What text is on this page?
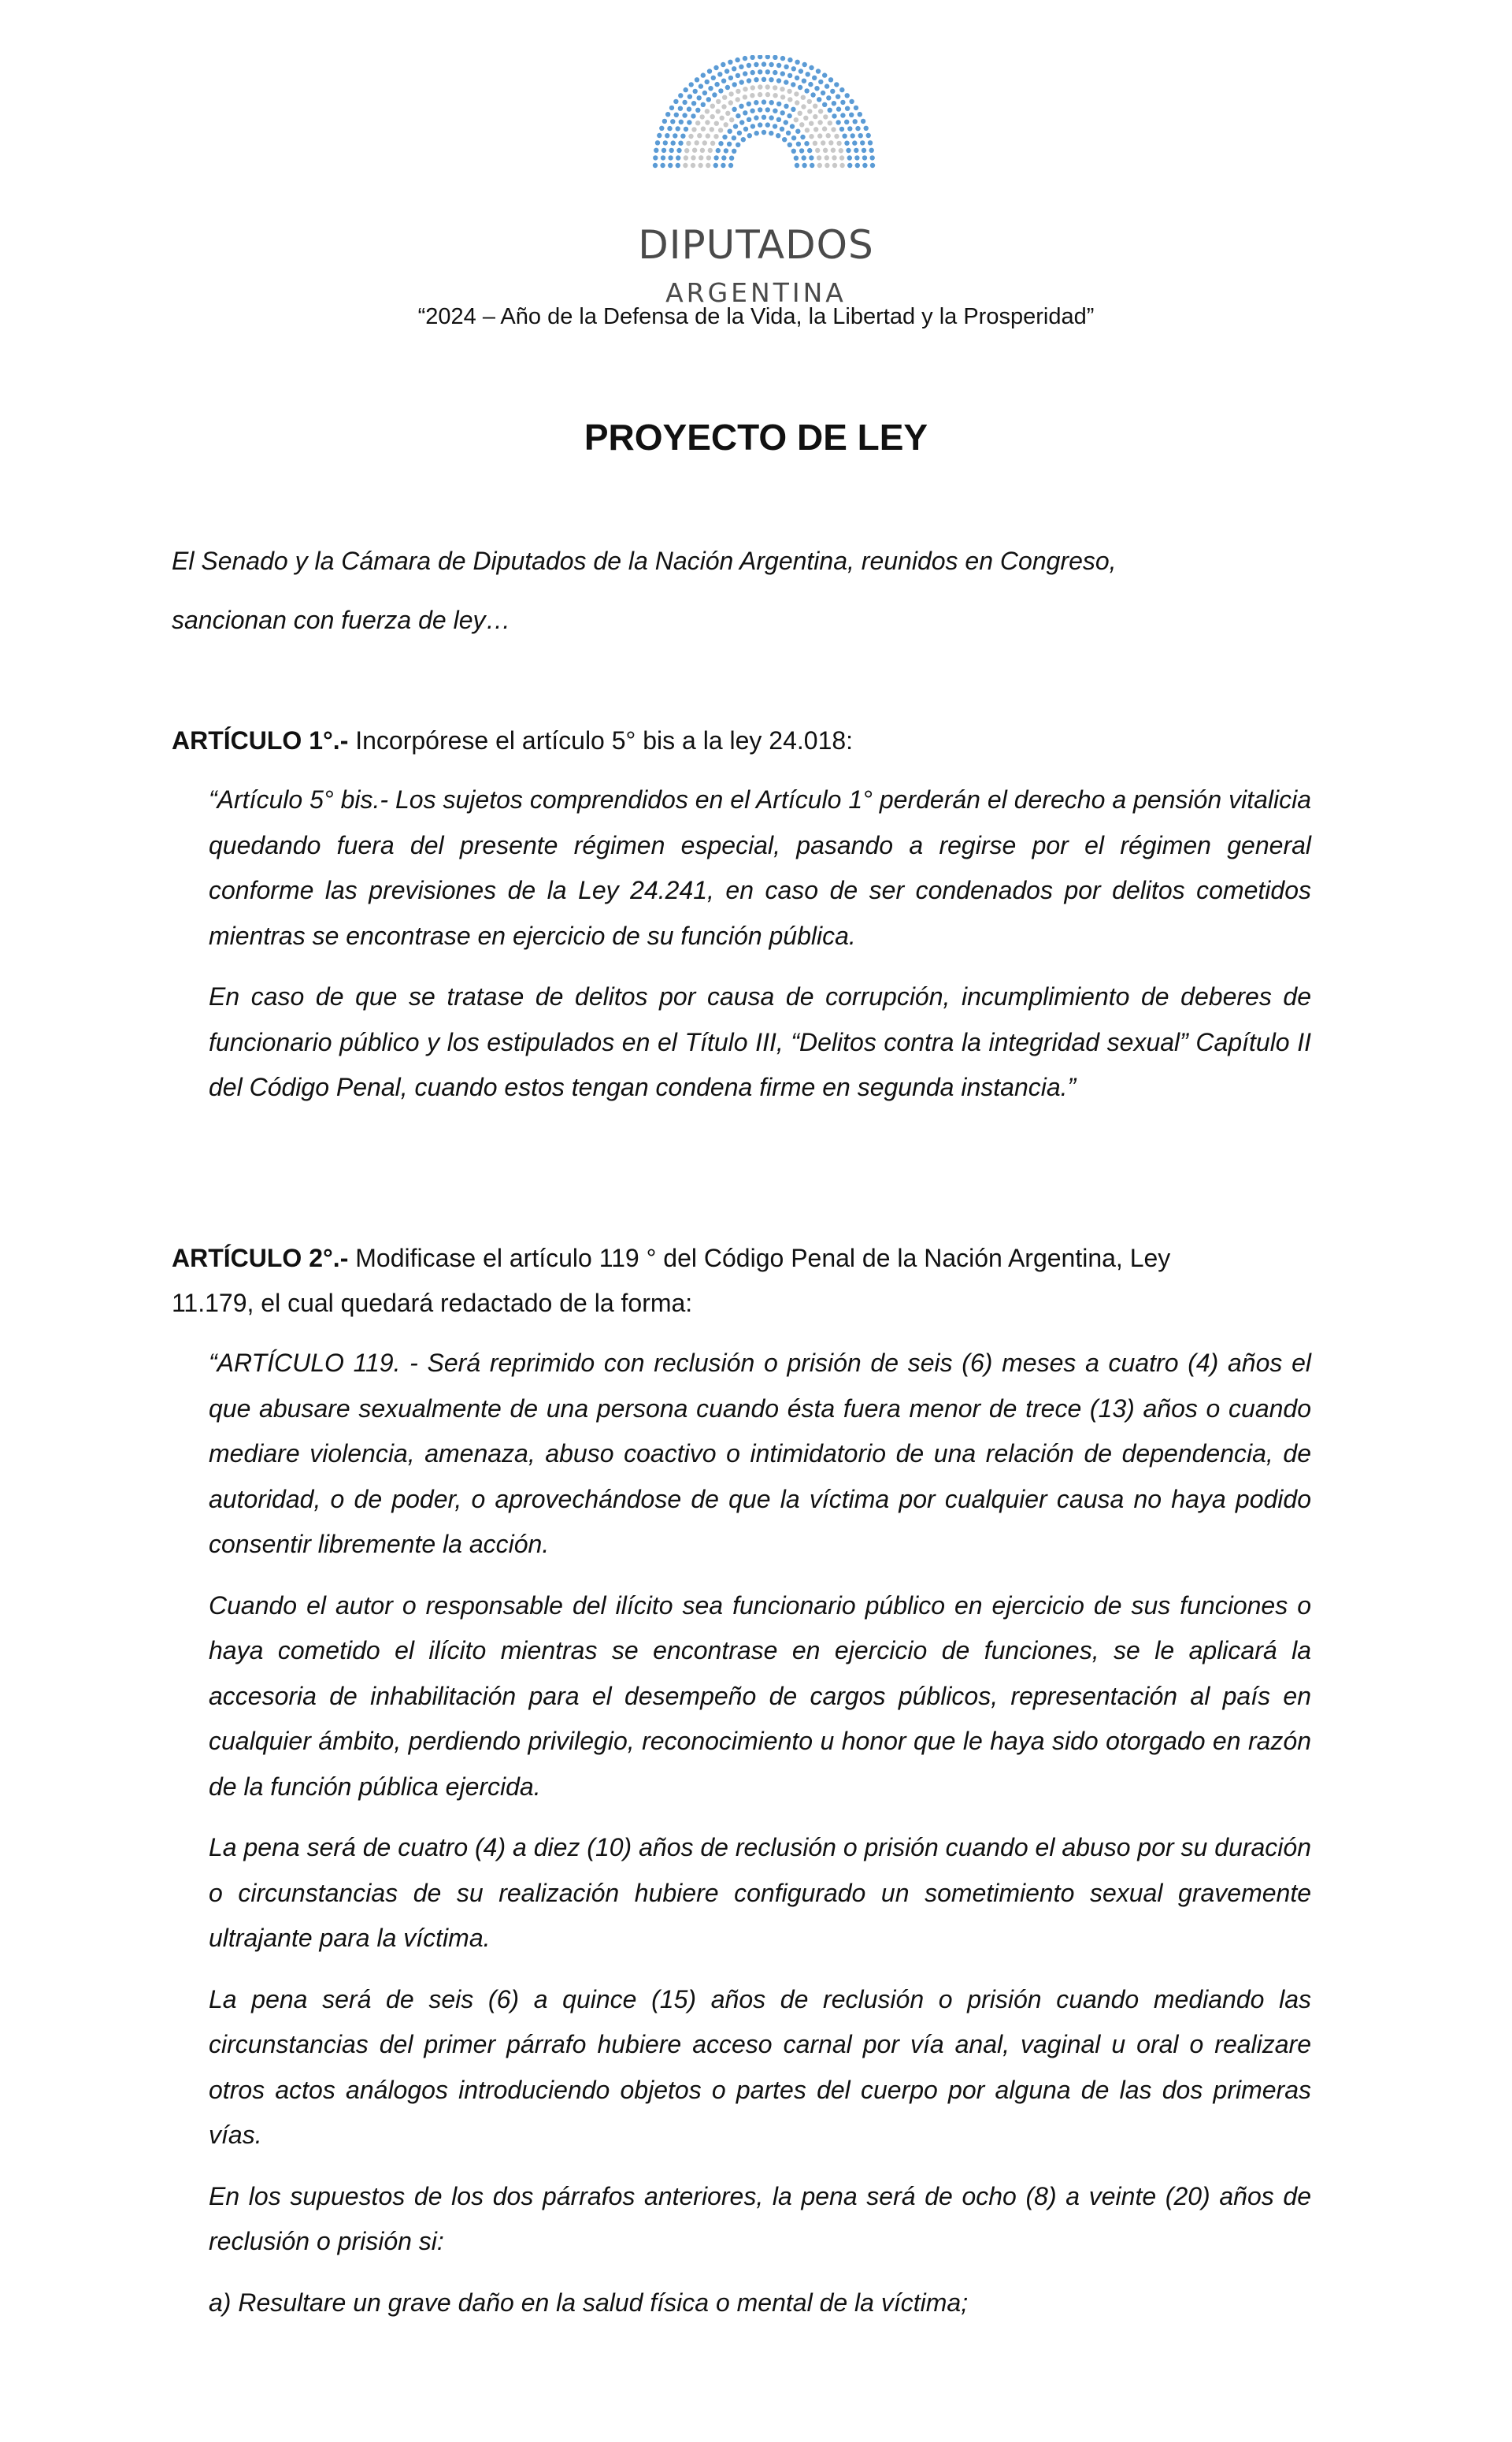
DIPUTADOS
ARGENTINA
“2024 – Año de la Defensa de la Vida, la Libertad y la Prosperidad”
PROYECTO DE LEY
El Senado y la Cámara de Diputados de la Nación Argentina, reunidos en Congreso,
sancionan con fuerza de ley…
ARTÍCULO 1°.- Incorpórese el artículo 5° bis a la ley 24.018:

“Artículo 5° bis.- Los sujetos comprendidos en el Artículo 1° perderán el derecho a pensión vitalicia quedando fuera del presente régimen especial, pasando a regirse por el régimen general conforme las previsiones de la Ley 24.241, en caso de ser condenados por delitos cometidos mientras se encontrase en ejercicio de su función pública.

En caso de que se tratase de delitos por causa de corrupción, incumplimiento de deberes de funcionario público y los estipulados en el Título III, “Delitos contra la integridad sexual” Capítulo II del Código Penal, cuando estos tengan condena firme en segunda instancia.”

ARTÍCULO 2°.- Modificase el artículo 119 ° del Código Penal de la Nación Argentina, Ley
11.179, el cual quedará redactado de la forma:

“ARTÍCULO 119. - Será reprimido con reclusión o prisión de seis (6) meses a cuatro (4) años el que abusare sexualmente de una persona cuando ésta fuera menor de trece (13) años o cuando mediare violencia, amenaza, abuso coactivo o intimidatorio de una relación de dependencia, de autoridad, o de poder, o aprovechándose de que la víctima por cualquier causa no haya podido consentir libremente la acción.

Cuando el autor o responsable del ilícito sea funcionario público en ejercicio de sus funciones o haya cometido el ilícito mientras se encontrase en ejercicio de funciones, se le aplicará la accesoria de inhabilitación para el desempeño de cargos públicos, representación al país en cualquier ámbito, perdiendo privilegio, reconocimiento u honor que le haya sido otorgado en razón de la función pública ejercida.

La pena será de cuatro (4) a diez (10) años de reclusión o prisión cuando el abuso por su duración o circunstancias de su realización hubiere configurado un sometimiento sexual gravemente ultrajante para la víctima.

La pena será de seis (6) a quince (15) años de reclusión o prisión cuando mediando las circunstancias del primer párrafo hubiere acceso carnal por vía anal, vaginal u oral o realizare otros actos análogos introduciendo objetos o partes del cuerpo por alguna de las dos primeras vías.

En los supuestos de los dos párrafos anteriores, la pena será de ocho (8) a veinte (20) años de reclusión o prisión si:

a) Resultare un grave daño en la salud física o mental de la víctima;
